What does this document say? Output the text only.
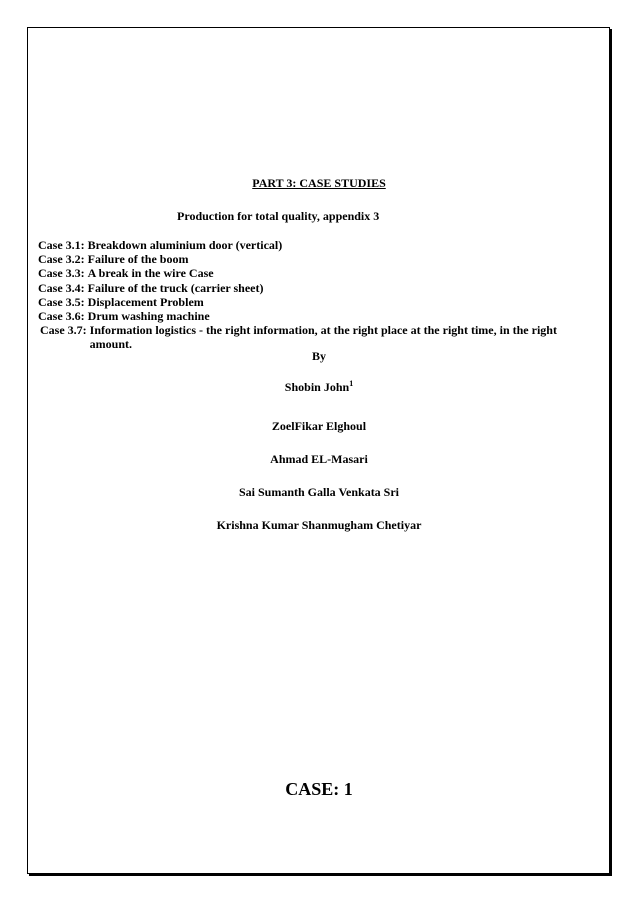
PART 3: CASE STUDIES
Production for total quality, appendix 3
Case 3.1:
Breakdown aluminium door (vertical)
Case 3.2:
Failure of the boom
Case 3.3:
A break in the wire Case
Case 3.4:
Failure of the truck (carrier sheet)
Case 3.5:
Displacement Problem
Case 3.6:
Drum washing machine
Case 3.7:
Information logistics - the right information, at the right place at the right time, in the right amount.
By
Shobin John$^1$
ZoelFikar Elghoul
Ahmad EL-Masari
Sai Sumanth Galla Venkata Sri
Krishna Kumar Shanmugham Chetiyar
CASE: 1
